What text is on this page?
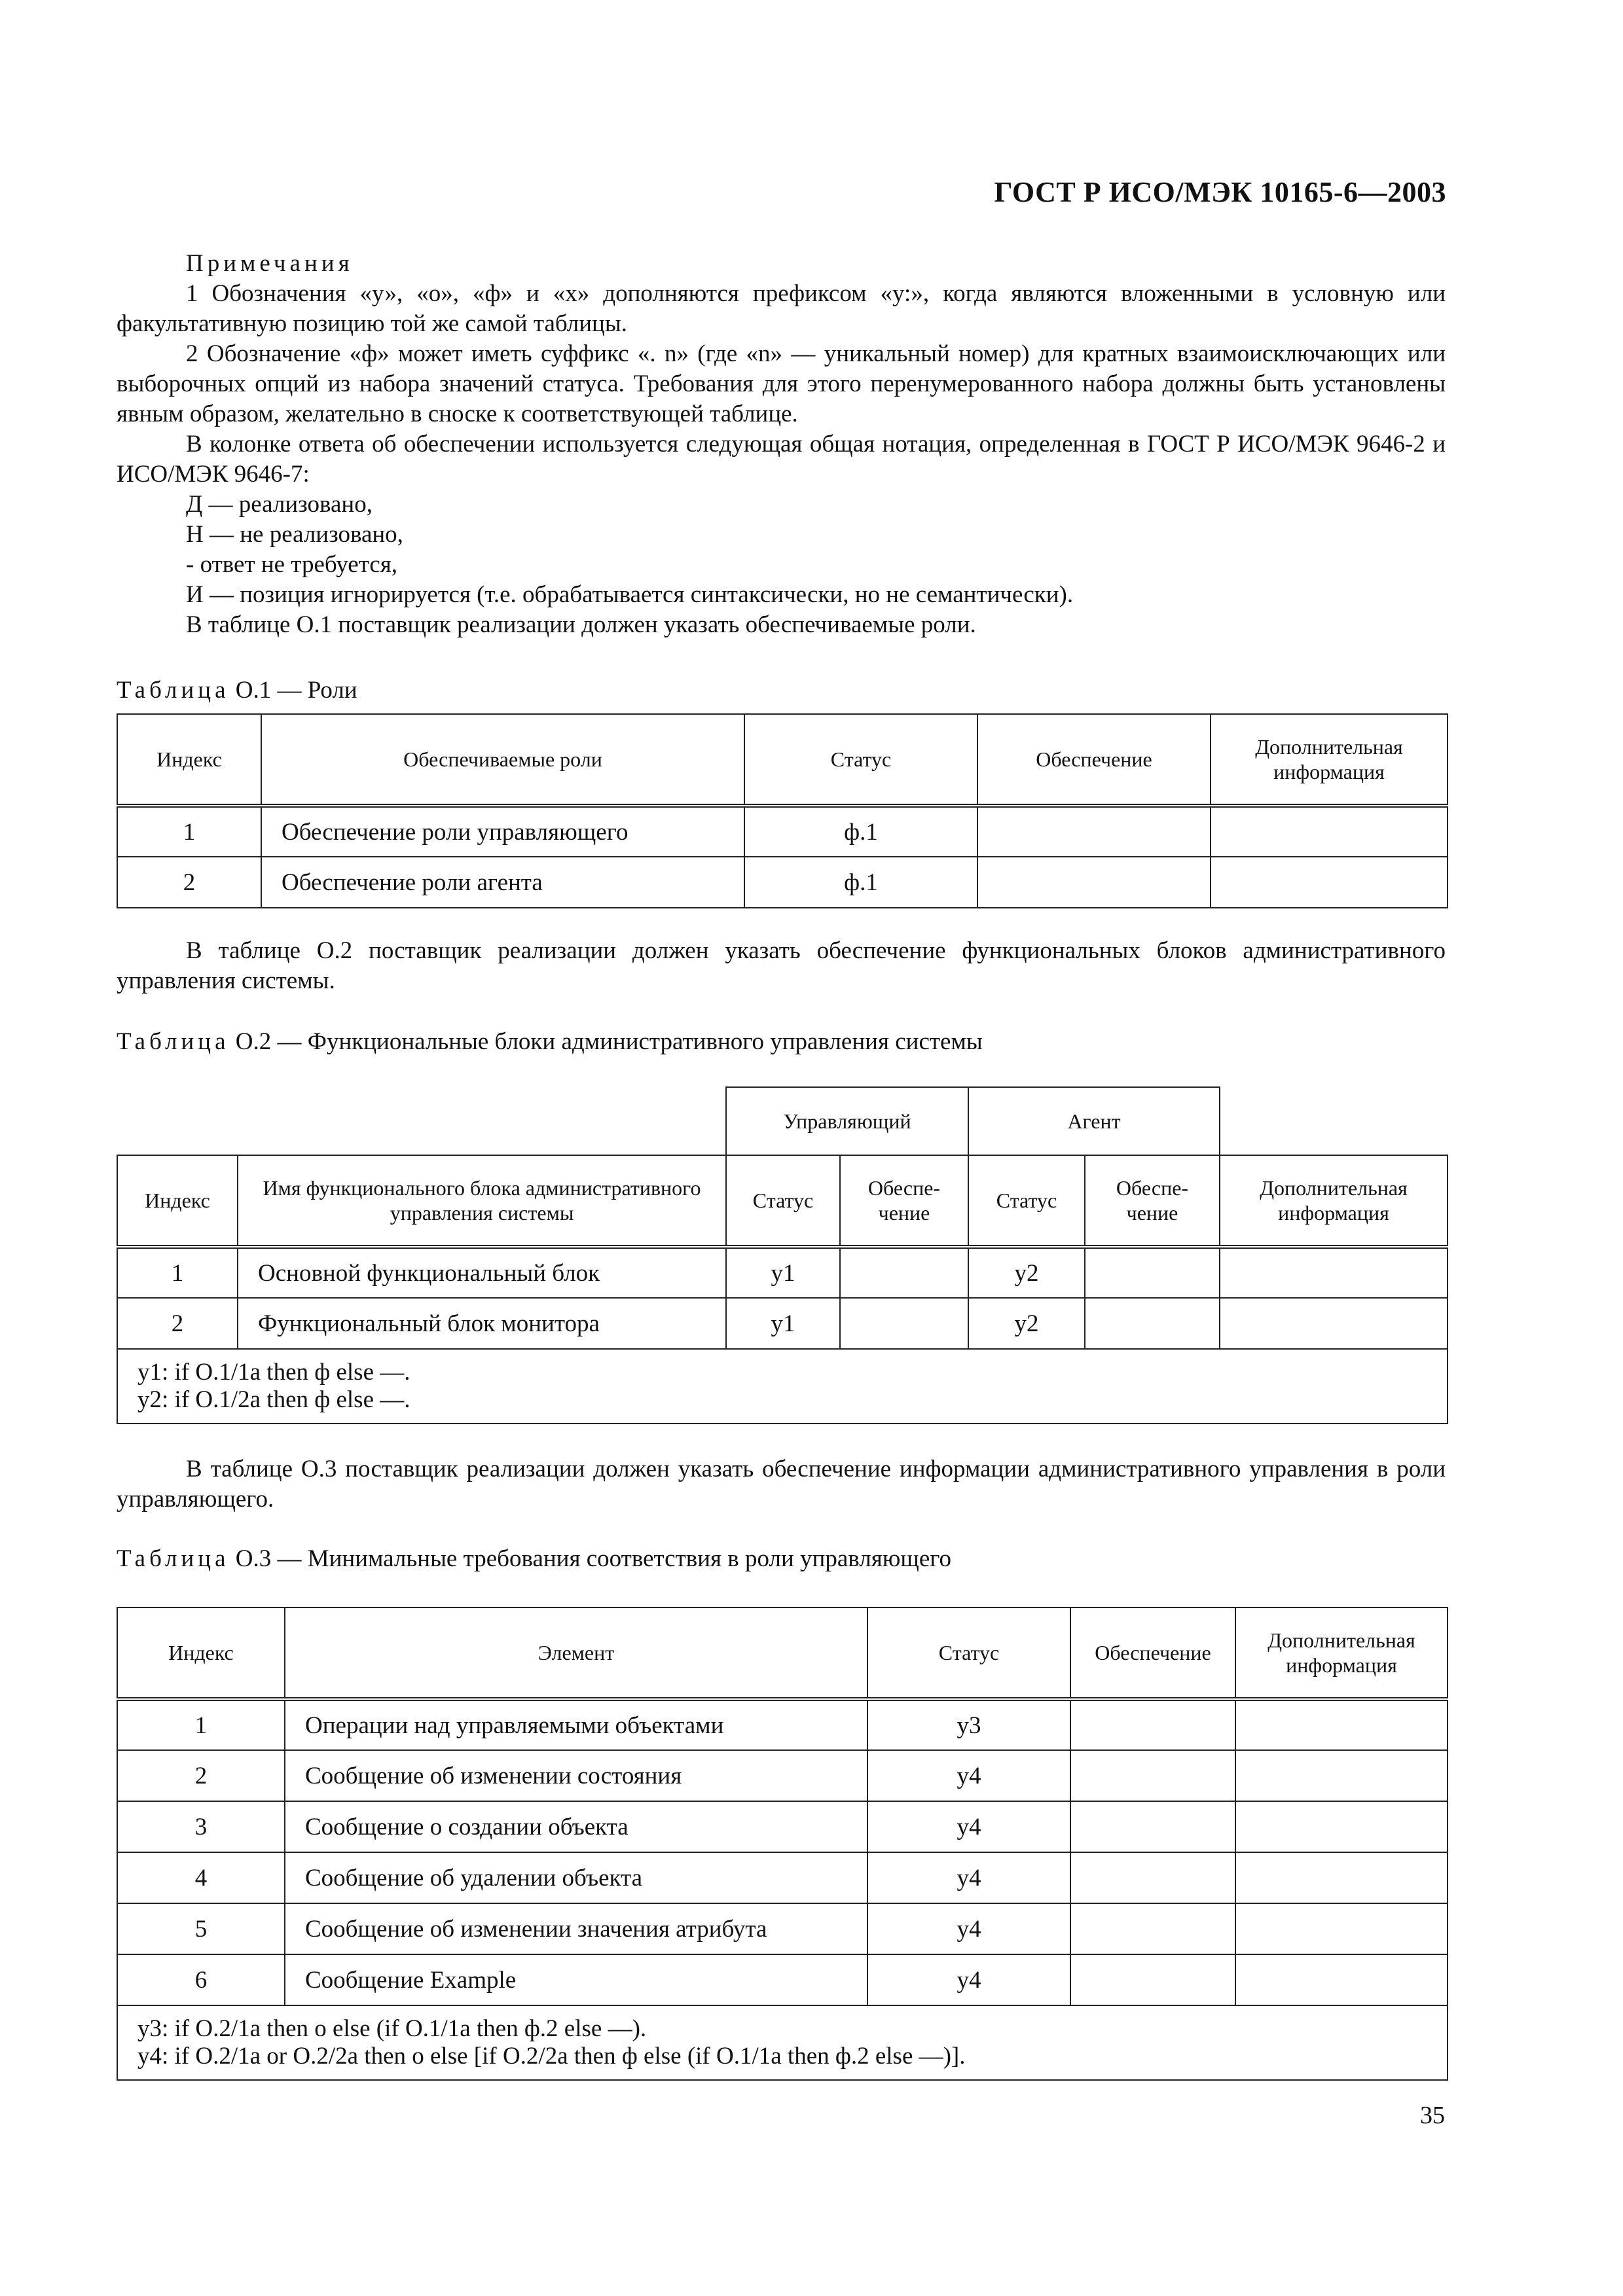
ГОСТ Р ИСО/МЭК 10165-6—2003

Примечания

1 Обозначения «у», «о», «ф» и «х» дополняются префиксом «у:», когда являются вложенными в условную или факультативную позицию той же самой таблицы.

2 Обозначение «ф» может иметь суффикс «. n» (где «n» — уникальный номер) для кратных взаимоисключающих или выборочных опций из набора значений статуса. Требования для этого перенумерованного набора должны быть установлены явным образом, желательно в сноске к соответствующей таблице.

В колонке ответа об обеспечении используется следующая общая нотация, определенная в ГОСТ Р ИСО/МЭК 9646-2 и ИСО/МЭК 9646-7:

Д — реализовано,

Н — не реализовано,

- ответ не требуется,

И — позиция игнорируется (т.е. обрабатывается синтаксически, но не семантически).

В таблице О.1 поставщик реализации должен указать обеспечиваемые роли.

Таблица О.1 — Роли
Индекс	Обеспечиваемые роли	Статус	Обеспечение	Дополнительная информация
1	Обеспечение роли управляющего	ф.1		
2	Обеспечение роли агента	ф.1		

В таблице О.2 поставщик реализации должен указать обеспечение функциональных блоков административного управления системы.

Таблица О.2 — Функциональные блоки административного управления системы
		Управляющий		Агент		
Индекс	Имя функционального блока административного управления системы	Статус	Обеспе- чение	Статус	Обеспе- чение	Дополнительная информация
1	Основной функциональный блок	у1		у2		
2	Функциональный блок монитора	у1		у2		

у1: if O.1/1a then ф else —.
у2: if O.1/2a then ф else —.						

В таблице О.3 поставщик реализации должен указать обеспечение информации административного управления в роли управляющего.

Таблица О.3 — Минимальные требования соответствия в роли управляющего
Индекс	Элемент	Статус	Обеспечение	Дополнительная информация
1	Операции над управляемыми объектами	у3		
2	Сообщение об изменении состояния	у4		
3	Сообщение о создании объекта	у4		
4	Сообщение об удалении объекта	у4		
5	Сообщение об изменении значения атрибута	у4		
6	Сообщение Example	у4		

у3: if O.2/1a then o else (if O.1/1a then ф.2 else —).
у4: if O.2/1a or O.2/2a then o else [if O.2/2a then ф else (if O.1/1a then ф.2 else —)].				
35
